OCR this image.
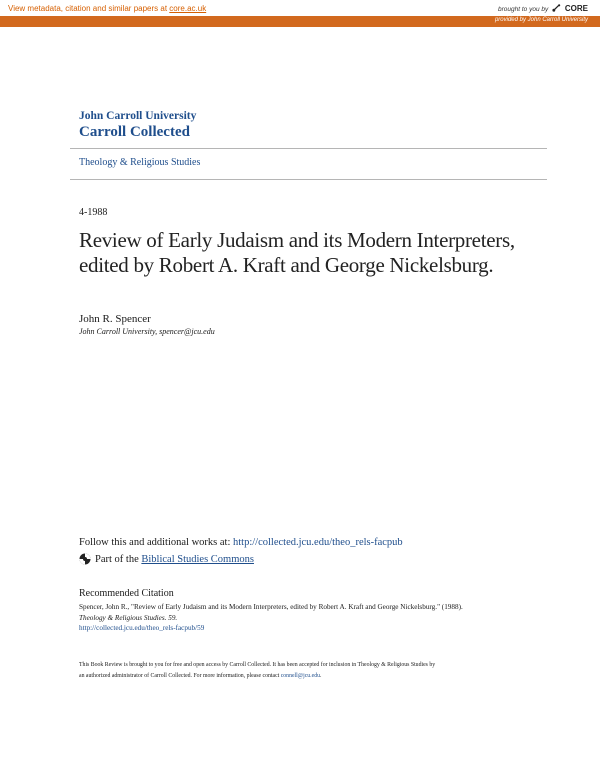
View metadata, citation and similar papers at core.ac.uk	brought to you by CORE
provided by John Carroll University
John Carroll University
Carroll Collected
Theology & Religious Studies
4-1988
Review of Early Judaism and its Modern Interpreters, edited by Robert A. Kraft and George Nickelsburg.
John R. Spencer
John Carroll University, spencer@jcu.edu
Follow this and additional works at: http://collected.jcu.edu/theo_rels-facpub
Part of the
Biblical Studies Commons
Recommended Citation
Spencer, John R., "Review of Early Judaism and its Modern Interpreters, edited by Robert A. Kraft and George Nickelsburg." (1988).
Theology & Religious Studies. 59.
http://collected.jcu.edu/theo_rels-facpub/59
This Book Review is brought to you for free and open access by Carroll Collected. It has been accepted for inclusion in Theology & Religious Studies by
an authorized administrator of Carroll Collected. For more information, please contact connell@jcu.edu.
